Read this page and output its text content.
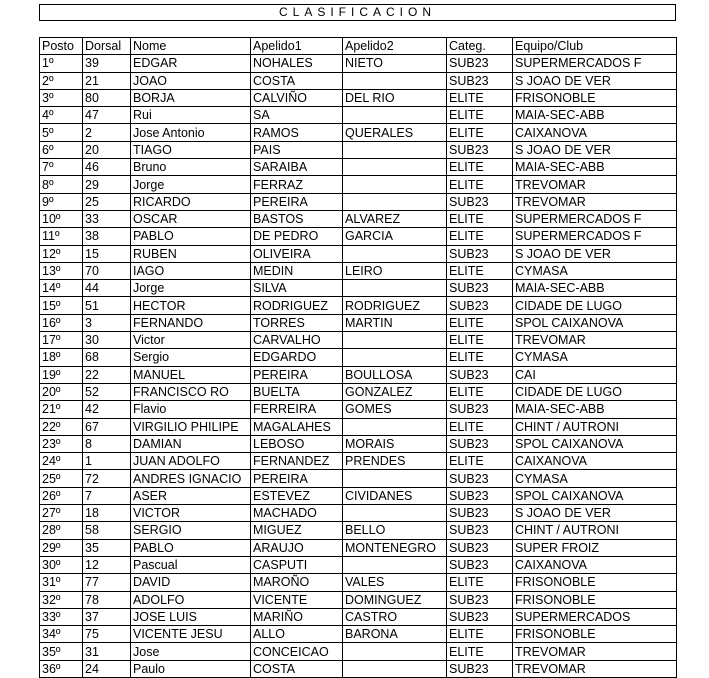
CLASIFICACION
Posto	Dorsal	Nome	Apelido1	Apelido2	Categ.	Equipo/Club
1º	39	EDGAR	NOHALES	NIETO	SUB23	SUPERMERCADOS F
2º	21	JOAO	COSTA		SUB23	S JOAO DE VER
3º	80	BORJA	CALVIÑO	DEL RIO	ELITE	FRISONOBLE
4º	47	Rui	SA		ELITE	MAIA-SEC-ABB
5º	2	Jose Antonio	RAMOS	QUERALES	ELITE	CAIXANOVA
6º	20	TIAGO	PAIS		SUB23	S JOAO DE VER
7º	46	Bruno	SARAIBA		ELITE	MAIA-SEC-ABB
8º	29	Jorge	FERRAZ		ELITE	TREVOMAR
9º	25	RICARDO	PEREIRA		SUB23	TREVOMAR
10º	33	OSCAR	BASTOS	ALVAREZ	ELITE	SUPERMERCADOS F
11º	38	PABLO	DE PEDRO	GARCIA	ELITE	SUPERMERCADOS F
12º	15	RUBEN	OLIVEIRA		SUB23	S JOAO DE VER
13º	70	IAGO	MEDIN	LEIRO	ELITE	CYMASA
14º	44	Jorge	SILVA		SUB23	MAIA-SEC-ABB
15º	51	HECTOR	RODRIGUEZ	RODRIGUEZ	SUB23	CIDADE DE LUGO
16º	3	FERNANDO	TORRES	MARTIN	ELITE	SPOL CAIXANOVA
17º	30	Victor	CARVALHO		ELITE	TREVOMAR
18º	68	Sergio	EDGARDO		ELITE	CYMASA
19º	22	MANUEL	PEREIRA	BOULLOSA	SUB23	CAI
20º	52	FRANCISCO RO	BUELTA	GONZALEZ	ELITE	CIDADE DE LUGO
21º	42	Flavio	FERREIRA	GOMES	SUB23	MAIA-SEC-ABB
22º	67	VIRGILIO PHILIPE	MAGALAHES		ELITE	CHINT / AUTRONI
23º	8	DAMIAN	LEBOSO	MORAIS	SUB23	SPOL CAIXANOVA
24º	1	JUAN ADOLFO	FERNANDEZ	PRENDES	ELITE	CAIXANOVA
25º	72	ANDRES IGNACIO	PEREIRA		SUB23	CYMASA
26º	7	ASER	ESTEVEZ	CIVIDANES	SUB23	SPOL CAIXANOVA
27º	18	VICTOR	MACHADO		SUB23	S JOAO DE VER
28º	58	SERGIO	MIGUEZ	BELLO	SUB23	CHINT / AUTRONI
29º	35	PABLO	ARAUJO	MONTENEGRO	SUB23	SUPER FROIZ
30º	12	Pascual	CASPUTI		SUB23	CAIXANOVA
31º	77	DAVID	MAROÑO	VALES	ELITE	FRISONOBLE
32º	78	ADOLFO	VICENTE	DOMINGUEZ	SUB23	FRISONOBLE
33º	37	JOSE LUIS	MARIÑO	CASTRO	SUB23	SUPERMERCADOS
34º	75	VICENTE JESU	ALLO	BARONA	ELITE	FRISONOBLE
35º	31	Jose	CONCEICAO		ELITE	TREVOMAR
36º	24	Paulo	COSTA		SUB23	TREVOMAR
